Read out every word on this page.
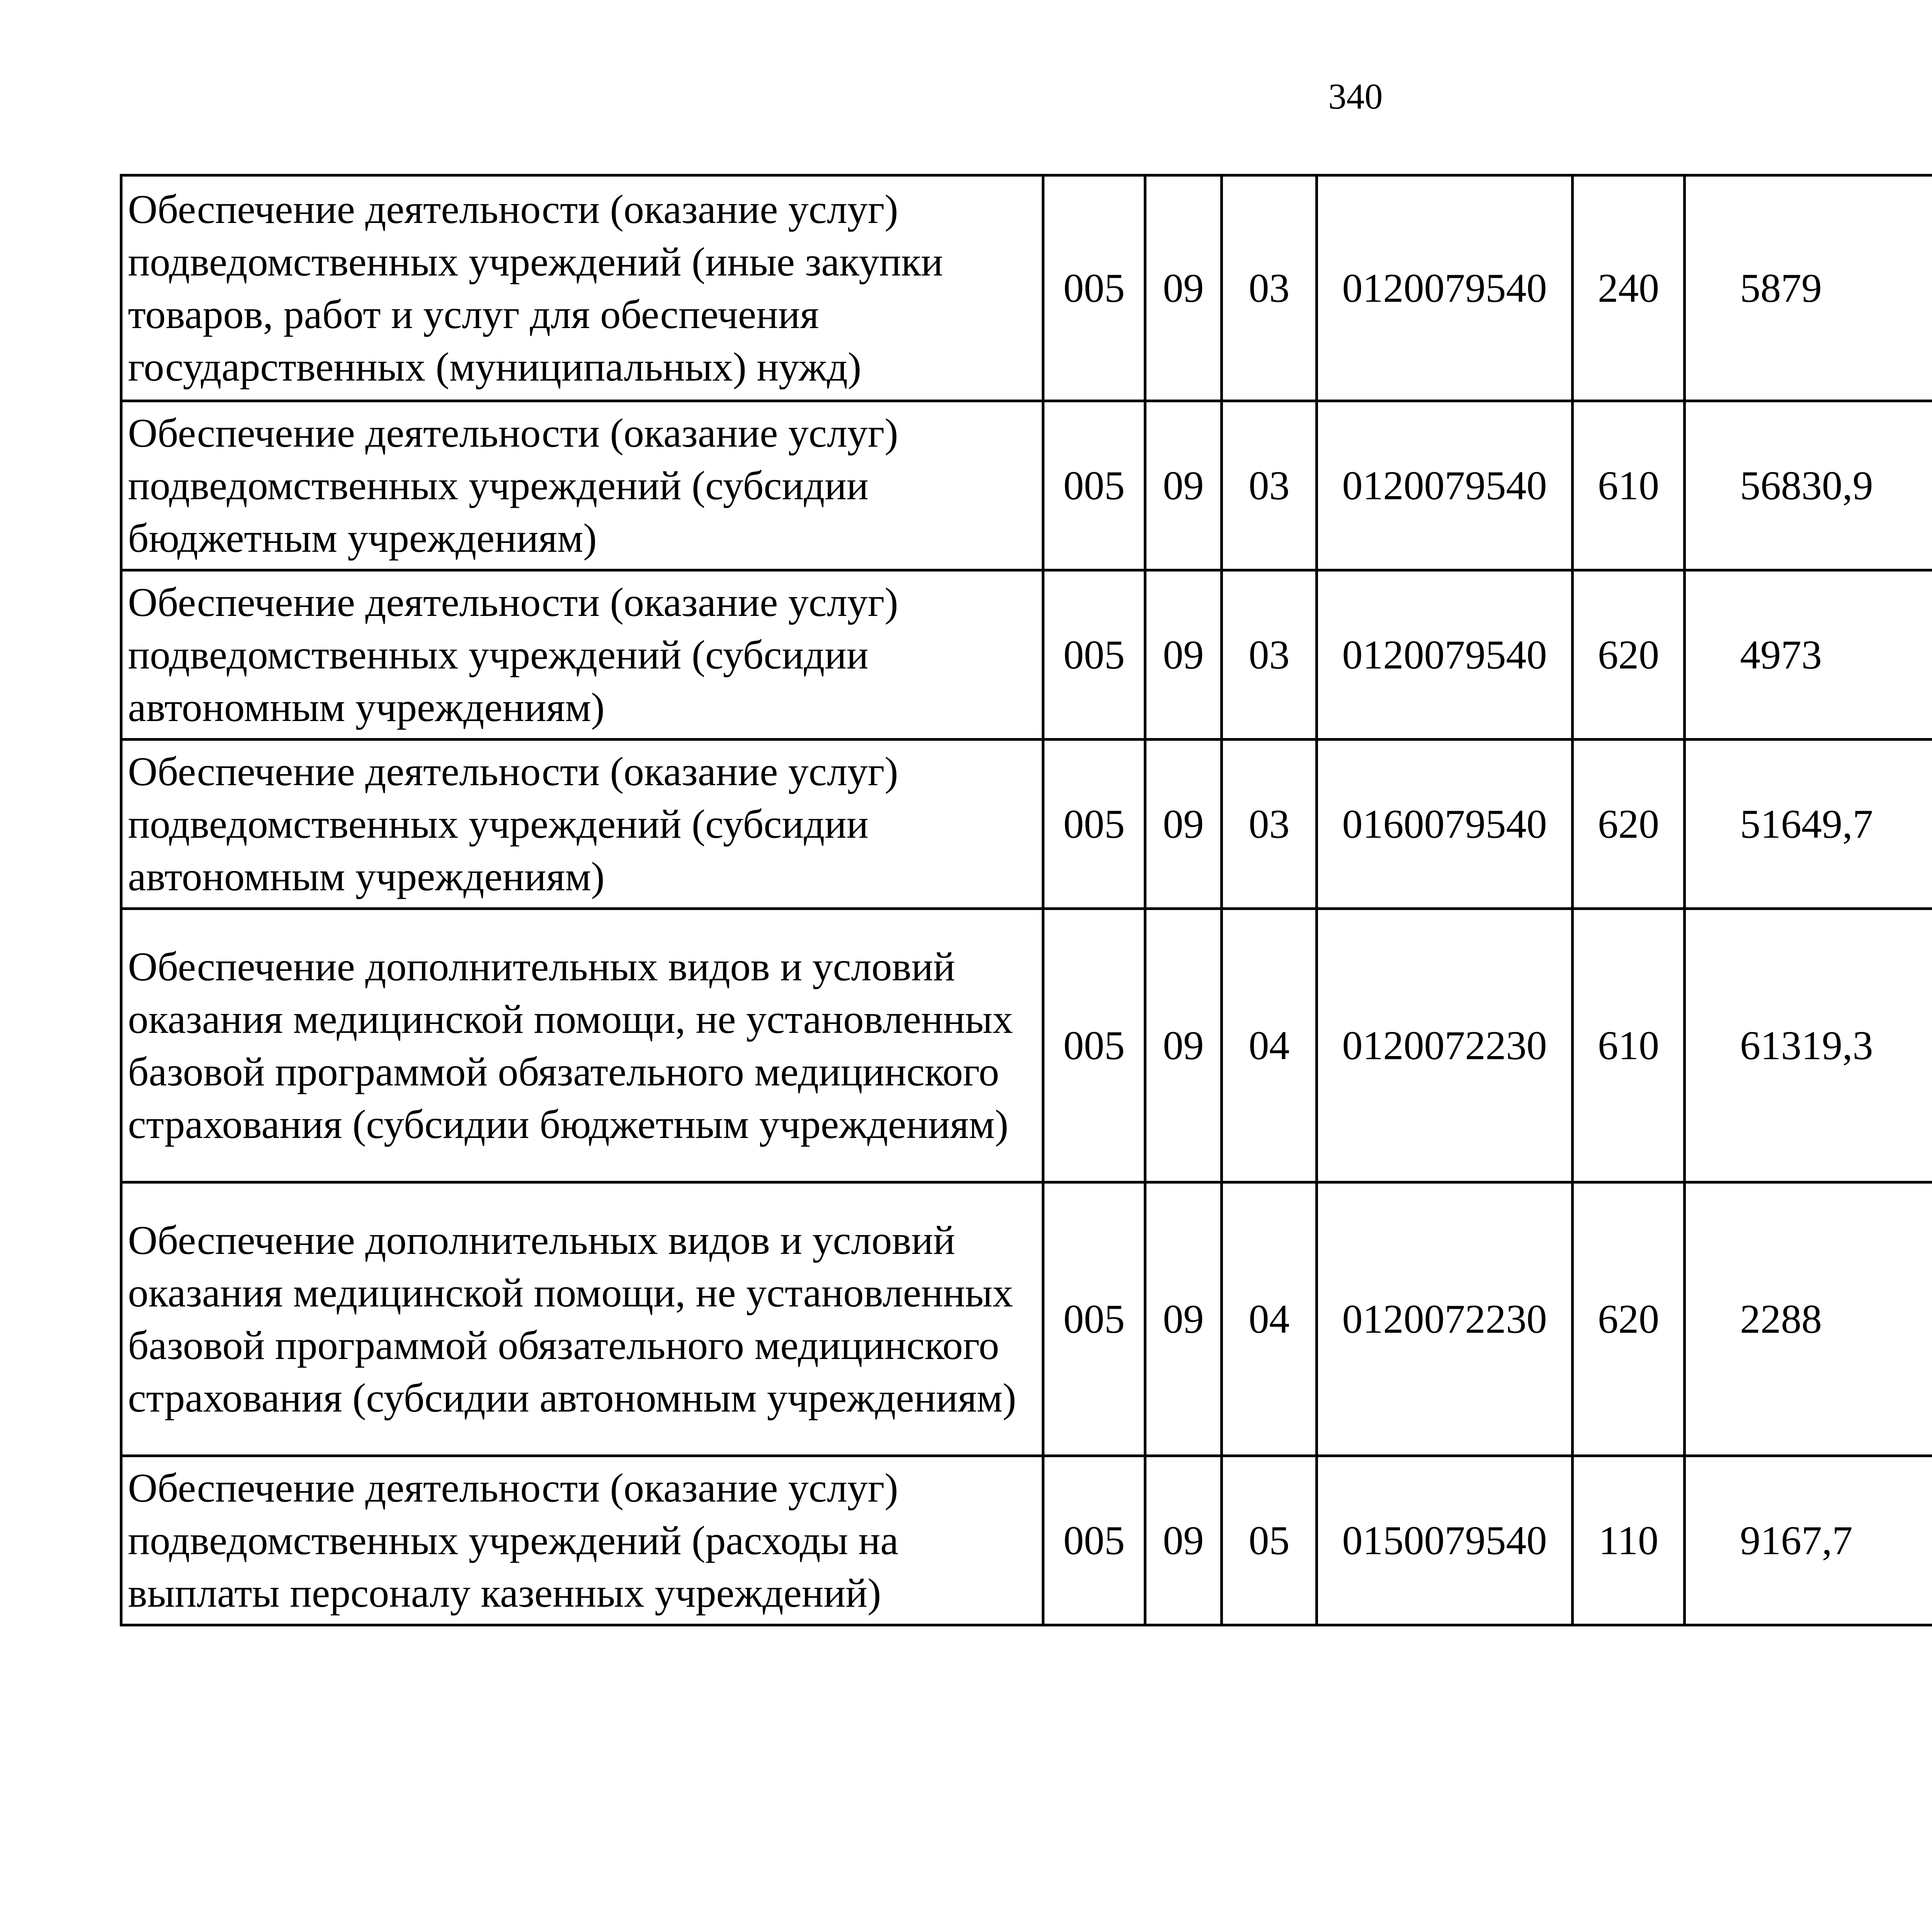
340
Обеспечение деятельности (оказание услуг) подведомственных учреждений (иные закупки товаров, работ и услуг для обеспечения государственных (муниципальных) нужд)	005	09	03	0120079540	240	5879		
Обеспечение деятельности (оказание услуг) подведомственных учреждений (субсидии бюджетным учреждениям)	005	09	03	0120079540	610	56830,9		
Обеспечение деятельности (оказание услуг) подведомственных учреждений (субсидии автономным учреждениям)	005	09	03	0120079540	620	4973		
Обеспечение деятельности (оказание услуг) подведомственных учреждений (субсидии автономным учреждениям)	005	09	03	0160079540	620	51649,7		
Обеспечение дополнительных видов и условий оказания медицинской помощи, не установленных базовой программой обязательного медицинского страхования (субсидии бюджетным учреждениям)	005	09	04	0120072230	610	61319,3		
Обеспечение дополнительных видов и условий оказания медицинской помощи, не установленных базовой программой обязательного медицинского страхования (субсидии автономным учреждениям)	005	09	04	0120072230	620	2288		
Обеспечение деятельности (оказание услуг) подведомственных учреждений (расходы на выплаты персоналу казенных учреждений)	005	09	05	0150079540	110	9167,7		
